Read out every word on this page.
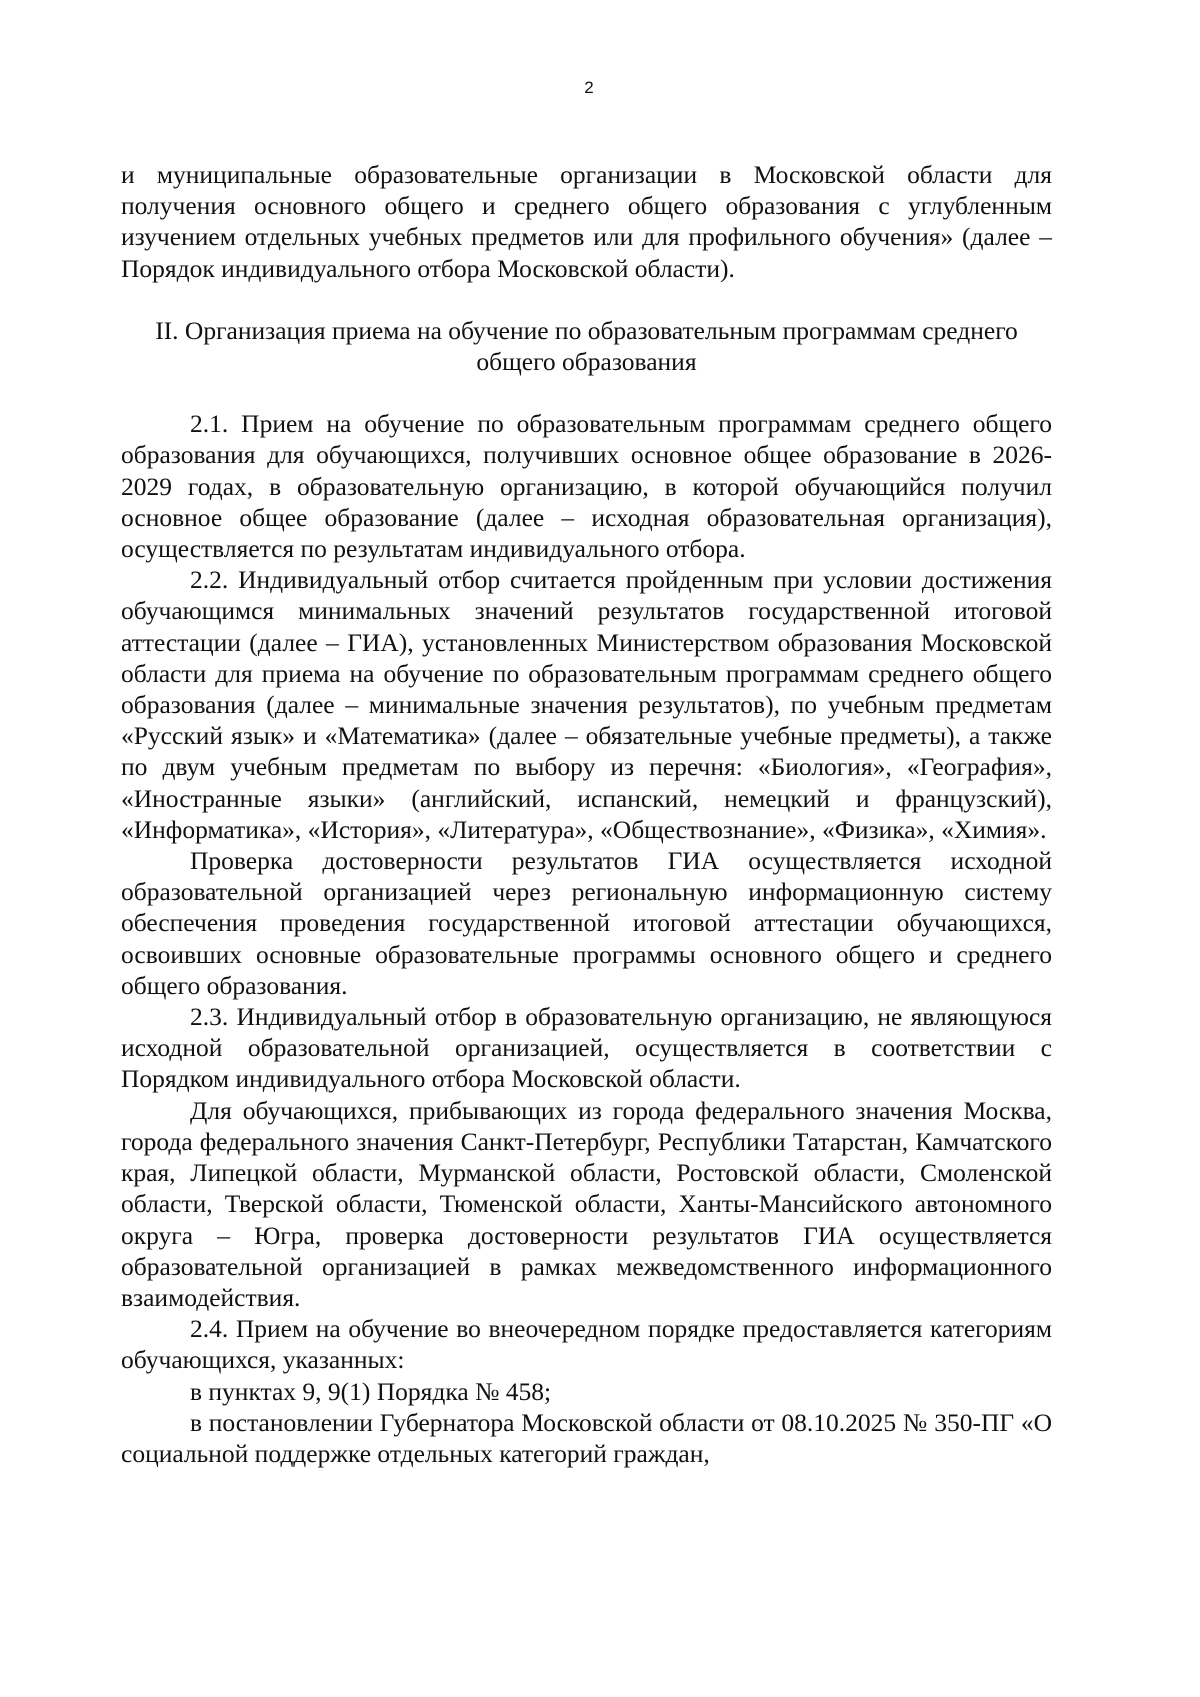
2

и муниципальные образовательные организации в Московской области для получения основного общего и среднего общего образования с углубленным изучением отдельных учебных предметов или для профильного обучения» (далее – Порядок индивидуального отбора Московской области).

II. Организация приема на обучение по образовательным программам среднего общего образования

2.1. Прием на обучение по образовательным программам среднего общего образования для обучающихся, получивших основное общее образование в 2026-2029 годах, в образовательную организацию, в которой обучающийся получил основное общее образование (далее – исходная образовательная организация), осуществляется по результатам индивидуального отбора.

2.2. Индивидуальный отбор считается пройденным при условии достижения обучающимся минимальных значений результатов государственной итоговой аттестации (далее – ГИА), установленных Министерством образования Московской области для приема на обучение по образовательным программам среднего общего образования (далее – минимальные значения результатов), по учебным предметам «Русский язык» и «Математика» (далее – обязательные учебные предметы), а также по двум учебным предметам по выбору из перечня: «Биология», «География», «Иностранные языки» (английский, испанский, немецкий и французский), «Информатика», «История», «Литература», «Обществознание», «Физика», «Химия».

Проверка достоверности результатов ГИА осуществляется исходной образовательной организацией через региональную информационную систему обеспечения проведения государственной итоговой аттестации обучающихся, освоивших основные образовательные программы основного общего и среднего общего образования.

2.3. Индивидуальный отбор в образовательную организацию, не являющуюся исходной образовательной организацией, осуществляется в соответствии с Порядком индивидуального отбора Московской области.

Для обучающихся, прибывающих из города федерального значения Москва, города федерального значения Санкт-Петербург, Республики Татарстан, Камчатского края, Липецкой области, Мурманской области, Ростовской области, Смоленской области, Тверской области, Тюменской области, Ханты-Мансийского автономного округа – Югра, проверка достоверности результатов ГИА осуществляется образовательной организацией в рамках межведомственного информационного взаимодействия.

2.4. Прием на обучение во внеочередном порядке предоставляется категориям обучающихся, указанных:

в пунктах 9, 9(1) Порядка № 458;

в постановлении Губернатора Московской области от 08.10.2025 № 350-ПГ «О социальной поддержке отдельных категорий граждан,
